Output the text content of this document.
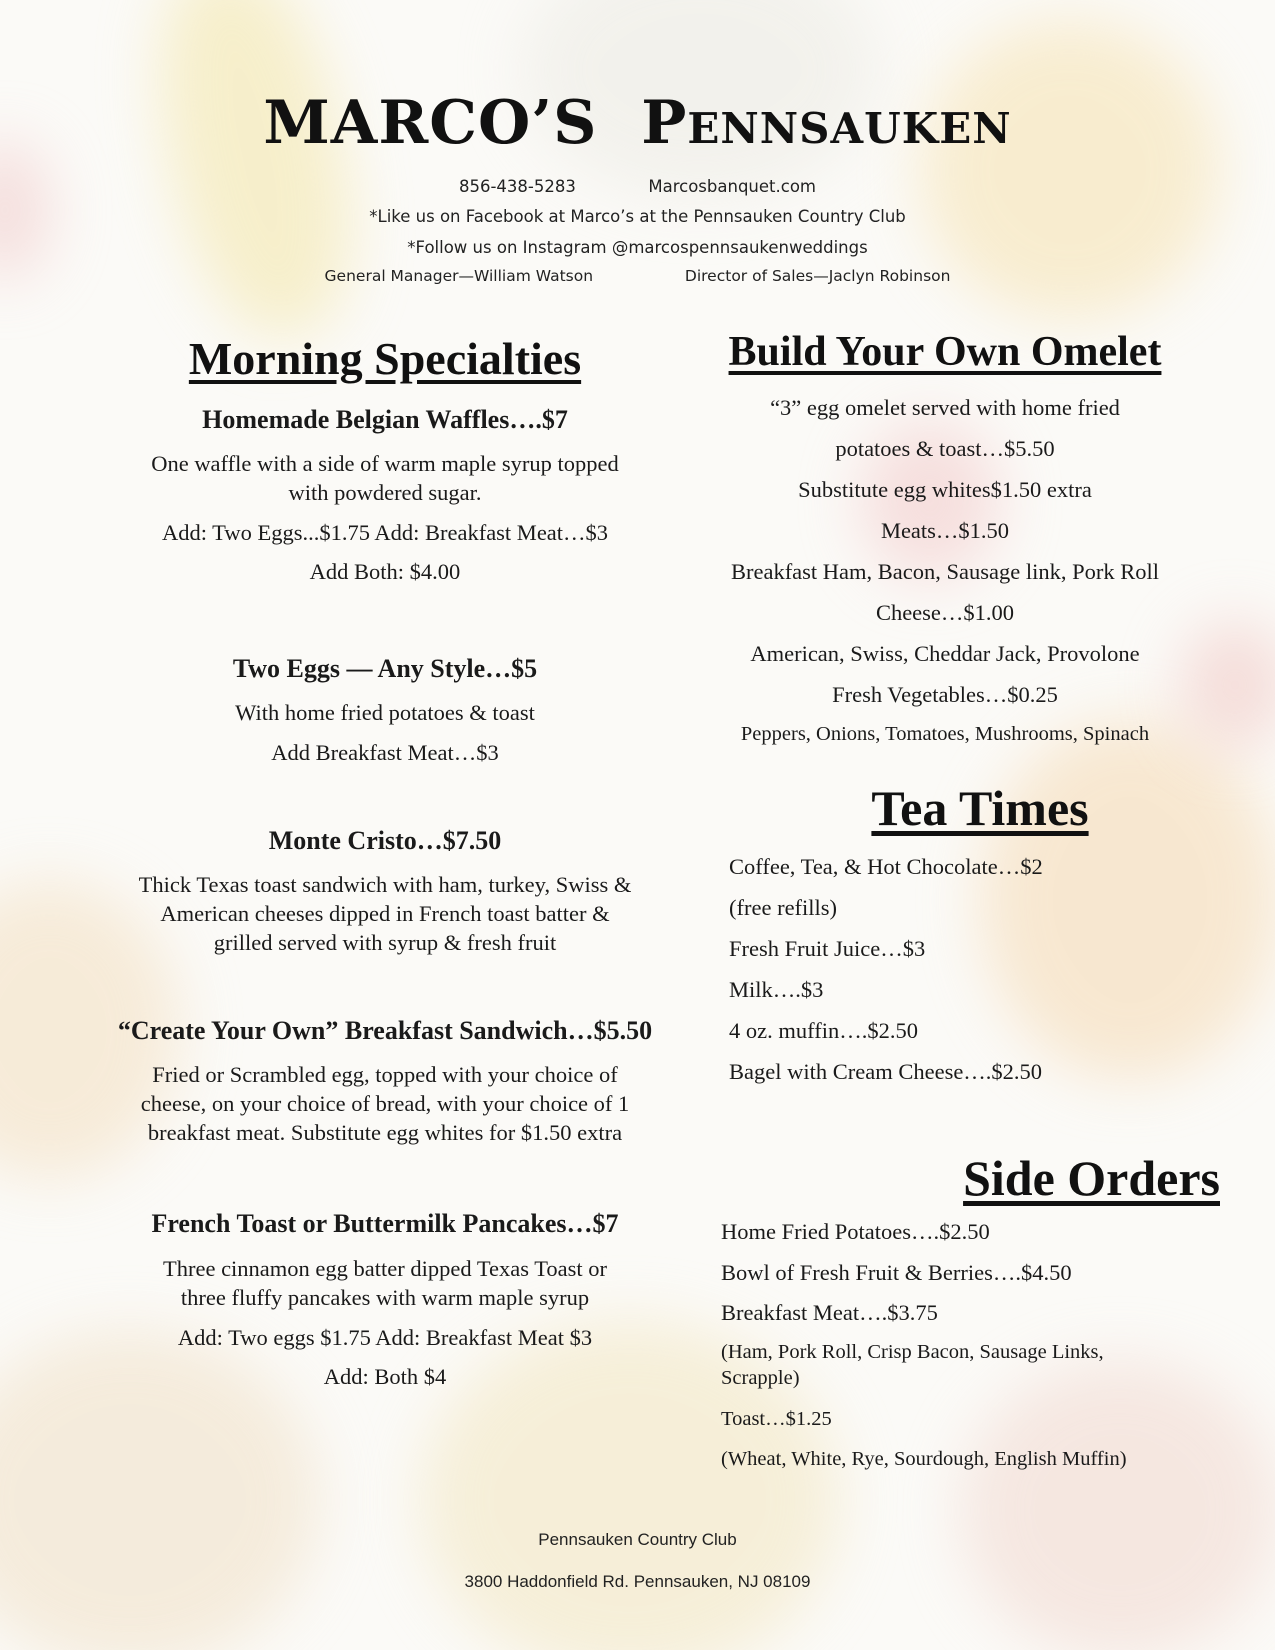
MARCO’S Pennsauken
856-438-5283	Marcosbanquet.com
*Like us on Facebook at Marco’s at the Pennsauken Country Club
*Follow us on Instagram @marcospennsaukenweddings
General Manager—William Watson	Director of Sales—Jaclyn Robinson
Morning Specialties
Homemade Belgian Waffles….$7

One waffle with a side of warm maple syrup topped

with powdered sugar.

Add: Two Eggs...$1.75 Add: Breakfast Meat…$3

Add Both: $4.00

Two Eggs — Any Style…$5

With home fried potatoes & toast

Add Breakfast Meat…$3

Monte Cristo…$7.50

Thick Texas toast sandwich with ham, turkey, Swiss &

American cheeses dipped in French toast batter &

grilled served with syrup & fresh fruit

“Create Your Own” Breakfast Sandwich…$5.50

Fried or Scrambled egg, topped with your choice of

cheese, on your choice of bread, with your choice of 1

breakfast meat. Substitute egg whites for $1.50 extra

French Toast or Buttermilk Pancakes…$7

Three cinnamon egg batter dipped Texas Toast or

three fluffy pancakes with warm maple syrup

Add: Two eggs $1.75 Add: Breakfast Meat $3

Add: Both $4

Build Your Own Omelet

“3” egg omelet served with home fried

potatoes & toast…$5.50

Substitute egg whites$1.50 extra

Meats…$1.50

Breakfast Ham, Bacon, Sausage link, Pork Roll

Cheese…$1.00

American, Swiss, Cheddar Jack, Provolone

Fresh Vegetables…$0.25

Peppers, Onions, Tomatoes, Mushrooms, Spinach

Tea Times

Coffee, Tea, & Hot Chocolate…$2

(free refills)

Fresh Fruit Juice…$3

Milk….$3

4 oz. muffin….$2.50

Bagel with Cream Cheese….$2.50

Side Orders

Home Fried Potatoes….$2.50

Bowl of Fresh Fruit & Berries….$4.50

Breakfast Meat….$3.75

(Ham, Pork Roll, Crisp Bacon, Sausage Links,

Scrapple)

Toast…$1.25

(Wheat, White, Rye, Sourdough, English Muffin)

Pennsauken Country Club
3800 Haddonfield Rd. Pennsauken, NJ 08109
